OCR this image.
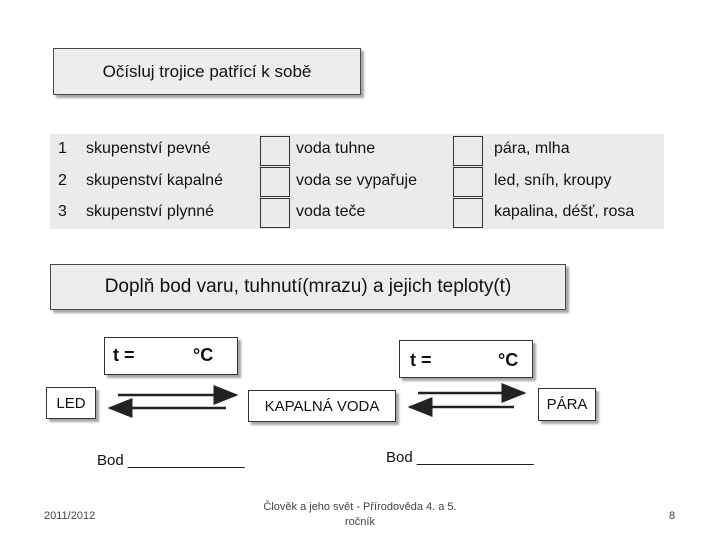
Očísluj trojice patřící k sobě
1 skupenství pevné	voda tuhne	pára, mlha
2 skupenství kapalné	voda se vypařuje	led, sníh, kroupy
3 skupenství plynné	voda teče	kapalina, déšť, rosa
Doplň bod varu, tuhnutí(mrazu) a jejich teploty(t)
t =	°C	t =	°C
LED	KAPALNÁ VODA	PÁRA
Bod ______________	Bod ______________
2011/2012
Člověk a jeho svět - Přírodověda 4. a 5. ročník	8
